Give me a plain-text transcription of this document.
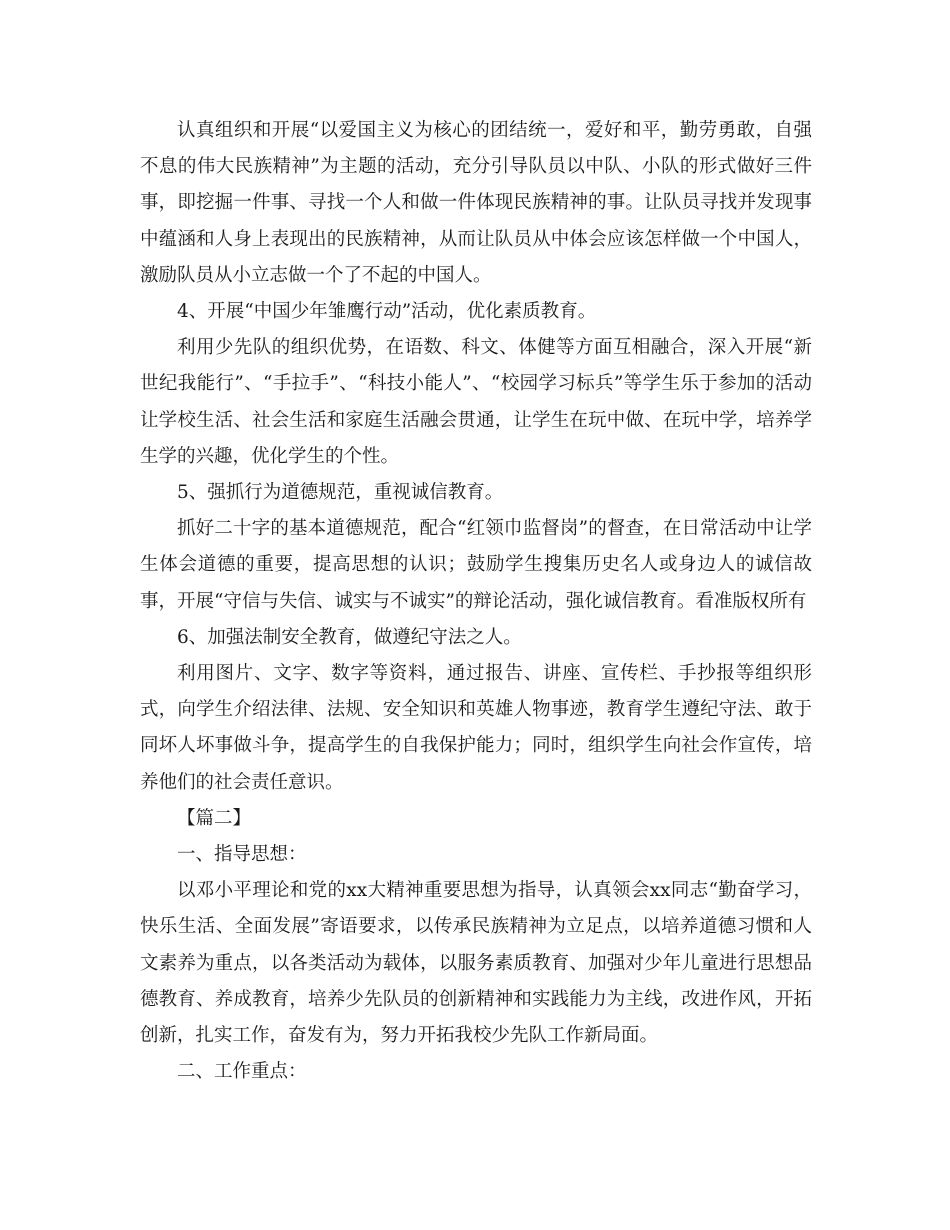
认真组织和开展“以爱国主义为核心的团结统一，爱好和平，勤劳勇敢，自强不息的伟大民族精神”为主题的活动，充分引导队员以中队、小队的形式做好三件事，即挖掘一件事、寻找一个人和做一件体现民族精神的事。让队员寻找并发现事中蕴涵和人身上表现出的民族精神，从而让队员从中体会应该怎样做一个中国人，激励队员从小立志做一个了不起的中国人。

4、开展“中国少年雏鹰行动”活动，优化素质教育。

利用少先队的组织优势，在语数、科文、体健等方面互相融合，深入开展“新世纪我能行”、“手拉手”、“科技小能人”、“校园学习标兵”等学生乐于参加的活动让学校生活、社会生活和家庭生活融会贯通，让学生在玩中做、在玩中学，培养学生学的兴趣，优化学生的个性。

5、强抓行为道德规范，重视诚信教育。

抓好二十字的基本道德规范，配合“红领巾监督岗”的督查，在日常活动中让学生体会道德的重要，提高思想的认识；鼓励学生搜集历史名人或身边人的诚信故事，开展“守信与失信、诚实与不诚实”的辩论活动，强化诚信教育。看准版权所有

6、加强法制安全教育，做遵纪守法之人。

利用图片、文字、数字等资料，通过报告、讲座、宣传栏、手抄报等组织形式，向学生介绍法律、法规、安全知识和英雄人物事迹，教育学生遵纪守法、敢于同坏人坏事做斗争，提高学生的自我保护能力；同时，组织学生向社会作宣传，培养他们的社会责任意识。

【篇二】

一、指导思想：

以邓小平理论和党的xx大精神重要思想为指导，认真领会xx同志“勤奋学习，快乐生活、全面发展”寄语要求，以传承民族精神为立足点，以培养道德习惯和人文素养为重点，以各类活动为载体，以服务素质教育、加强对少年儿童进行思想品德教育、养成教育，培养少先队员的创新精神和实践能力为主线，改进作风，开拓创新，扎实工作，奋发有为，努力开拓我校少先队工作新局面。

二、工作重点：
